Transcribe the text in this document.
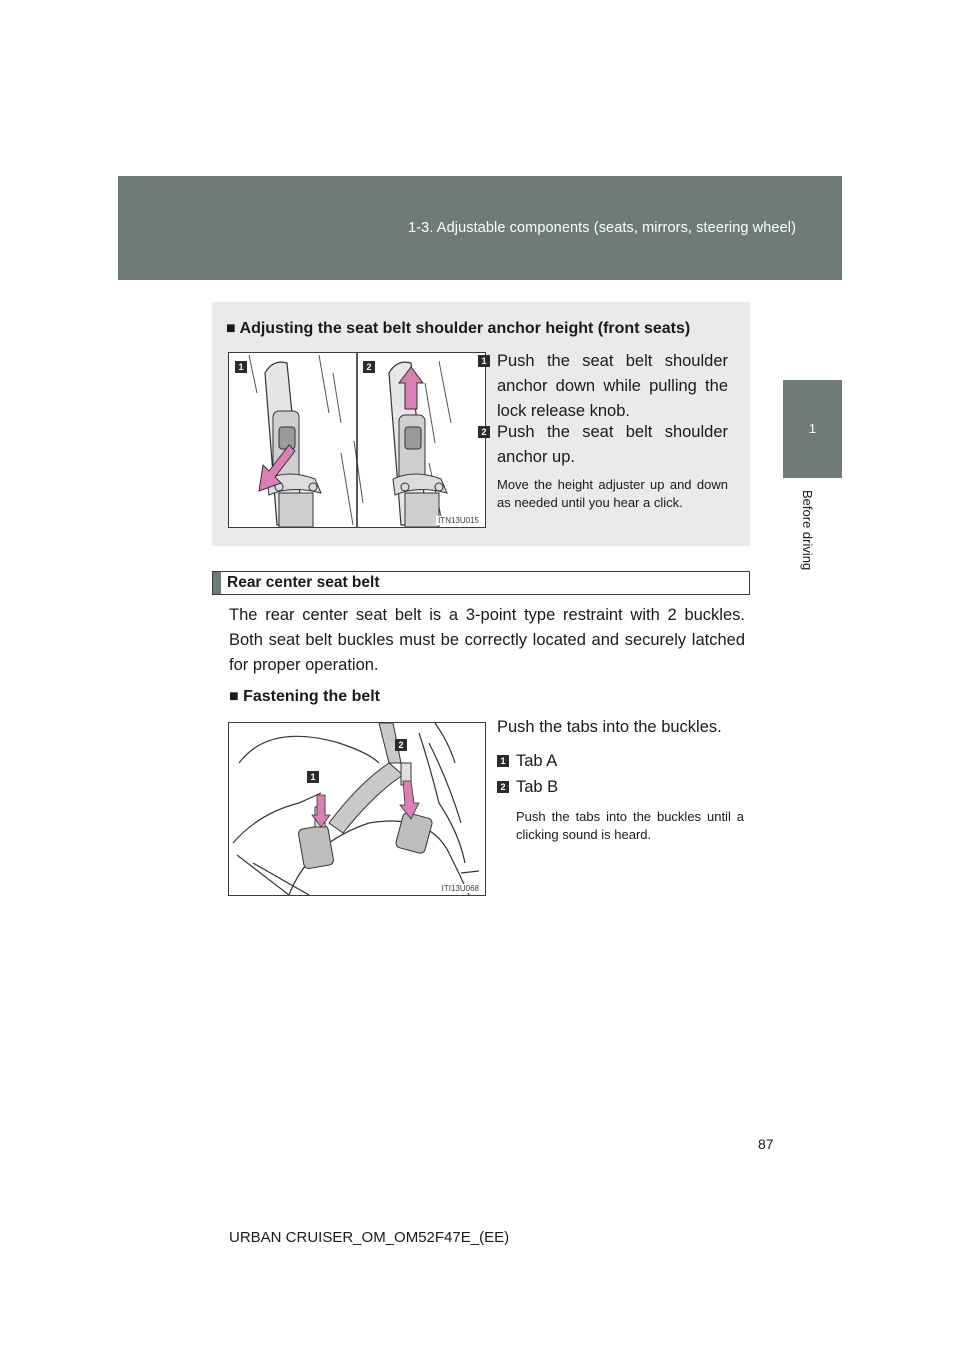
1-3. Adjustable components (seats, mirrors, steering wheel)
1
Before driving
■ Adjusting the seat belt shoulder anchor height (front seats)
1	2
ITN13U015
1 Push the seat belt shoulder anchor down while pulling the lock release knob.
2 Push the seat belt shoulder anchor up.
Move the height adjuster up and down as needed until you hear a click.
Rear center seat belt
The rear center seat belt is a 3-point type restraint with 2 buckles. Both seat belt buckles must be correctly located and securely latched for proper operation.
■ Fastening the belt
Push the tabs into the buckles.
1
2
ITI13U068
1 Tab A
2 Tab B
Push the tabs into the buckles until a clicking sound is heard.
87
URBAN CRUISER_OM_OM52F47E_(EE)
